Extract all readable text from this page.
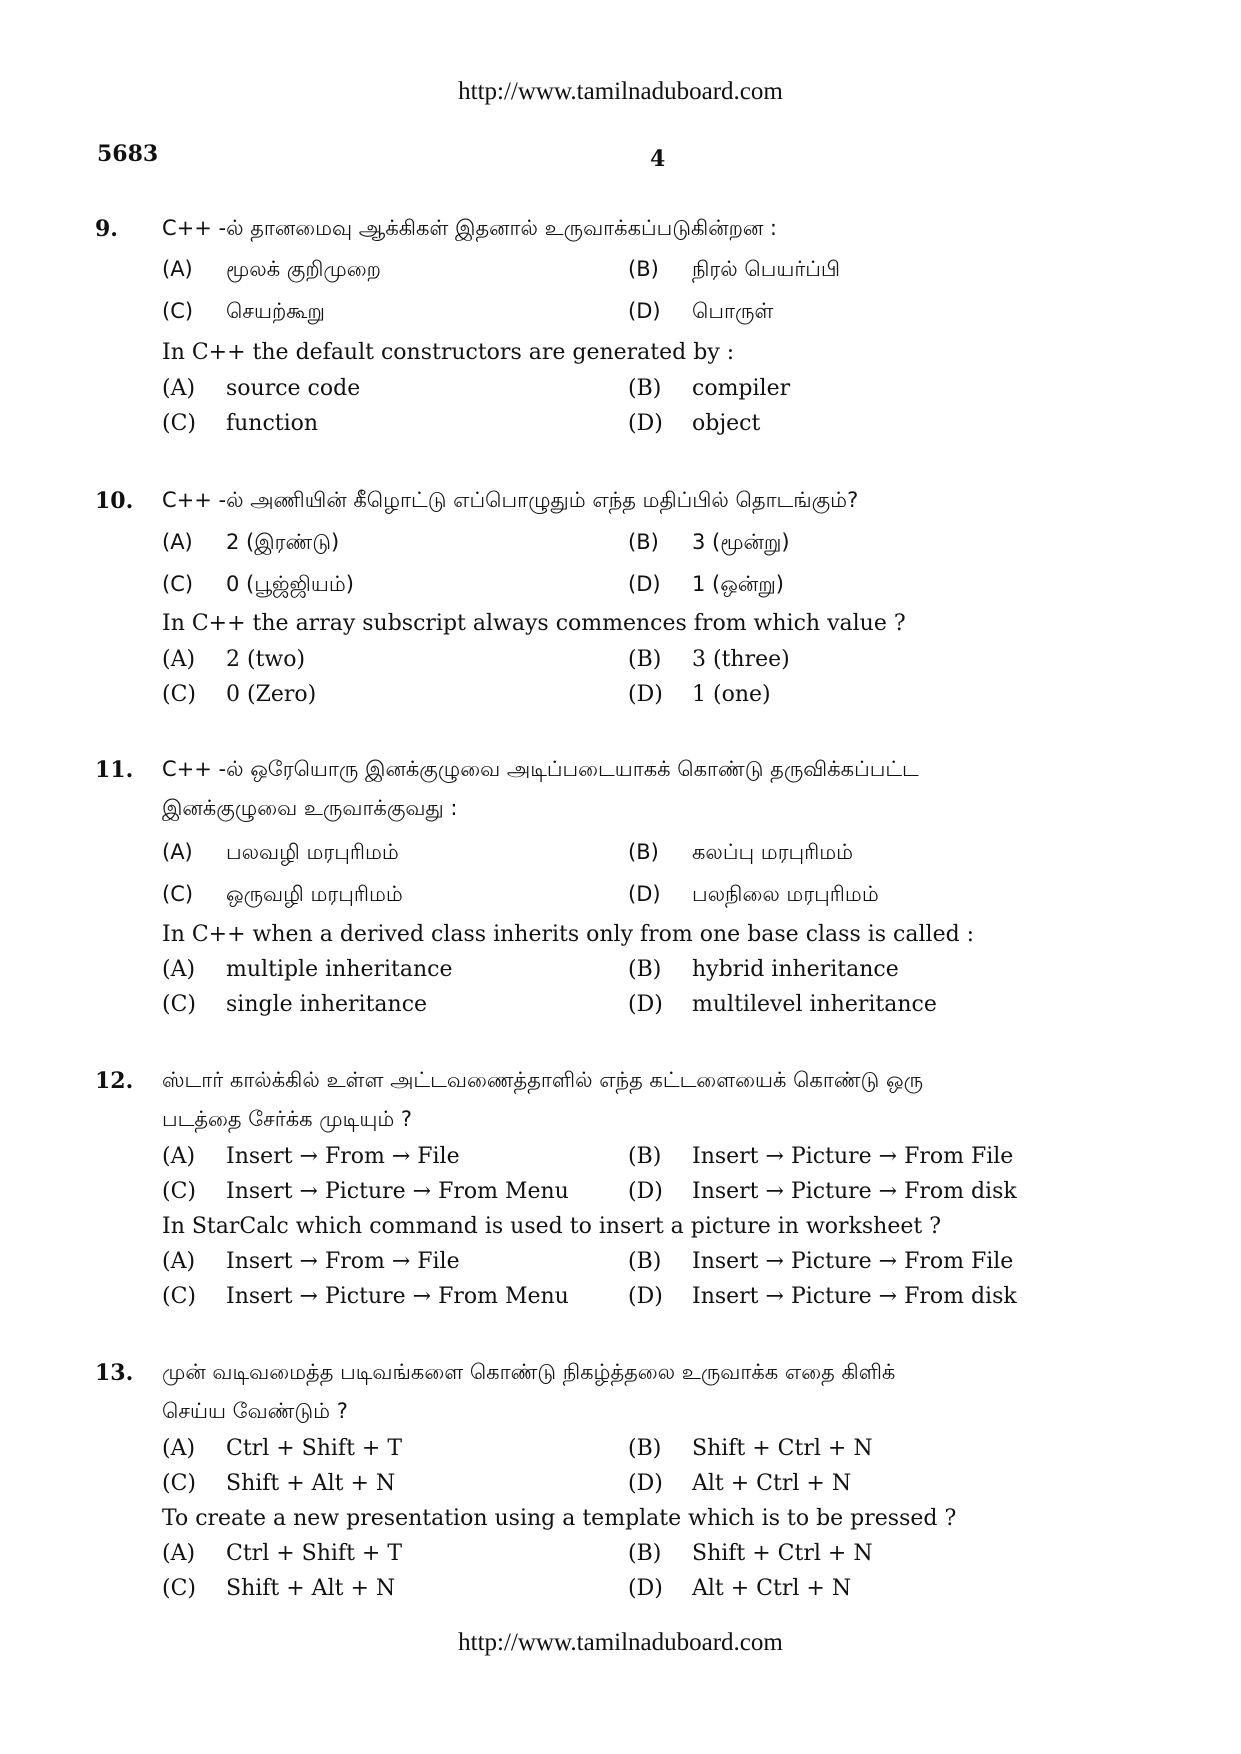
http://www.tamilnaduboard.com
5683	4
9. C++ -ல் தானமைவு ஆக்கிகள் இதனால் உருவாக்கப்படுகின்றன :
(A) மூலக் குறிமுறை	(B) நிரல் பெயர்ப்பி
(C) செயற்கூறு	(D) பொருள்
In C++ the default constructors are generated by :
(A) source code	(B) compiler
(C) function	(D) object
10. C++ -ல் அணியின் கீழொட்டு எப்பொழுதும் எந்த மதிப்பில் தொடங்கும்?
(A) 2 (இரண்டு)	(B) 3 (மூன்று)
(C) 0 (பூஜ்ஜியம்)	(D) 1 (ஒன்று)
In C++ the array subscript always commences from which value ?
(A) 2 (two)	(B) 3 (three)
(C) 0 (Zero)	(D) 1 (one)
11. C++ -ல் ஒரேயொரு இனக்குழுவை அடிப்படையாகக் கொண்டு தருவிக்கப்பட்ட
இனக்குழுவை உருவாக்குவது :
(A) பலவழி மரபுரிமம்	(B) கலப்பு மரபுரிமம்
(C) ஒருவழி மரபுரிமம்	(D) பலநிலை மரபுரிமம்
In C++ when a derived class inherits only from one base class is called :
(A) multiple inheritance	(B) hybrid inheritance
(C) single inheritance	(D) multilevel inheritance
12. ஸ்டார் கால்க்கில் உள்ள அட்டவணைத்தாளில் எந்த கட்டளையைக் கொண்டு ஒரு
படத்தை சேர்க்க முடியும் ?
(A) Insert → From → File	(B) Insert → Picture → From File
(C) Insert → Picture → From Menu	(D) Insert → Picture → From disk
In StarCalc which command is used to insert a picture in worksheet ?
(A) Insert → From → File	(B) Insert → Picture → From File
(C) Insert → Picture → From Menu	(D) Insert → Picture → From disk
13. முன் வடிவமைத்த படிவங்களை கொண்டு நிகழ்த்தலை உருவாக்க எதை கிளிக்
செய்ய வேண்டும் ?
(A) Ctrl + Shift + T	(B) Shift + Ctrl + N
(C) Shift + Alt + N	(D) Alt + Ctrl + N
To create a new presentation using a template which is to be pressed ?
(A) Ctrl + Shift + T	(B) Shift + Ctrl + N
(C) Shift + Alt + N	(D) Alt + Ctrl + N
http://www.tamilnaduboard.com
